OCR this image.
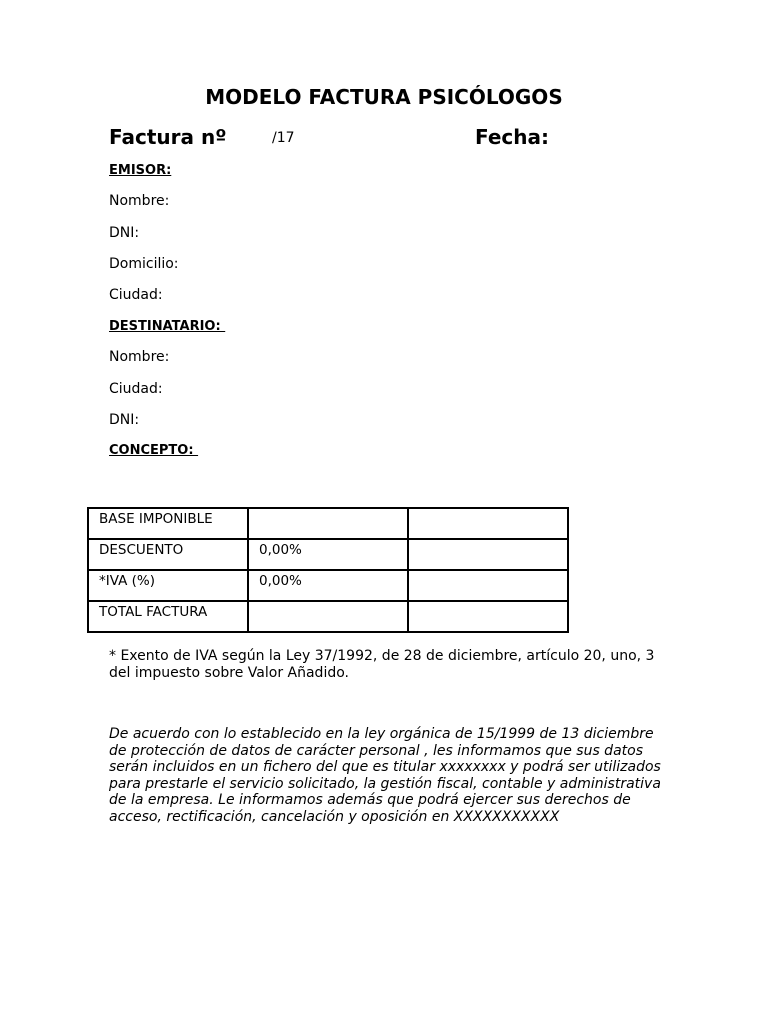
MODELO FACTURA PSICÓLOGOS
Factura nº	/17	Fecha:
EMISOR:
Nombre:
DNI:
Domicilio:
Ciudad:
DESTINATARIO:
Nombre:
Ciudad:
DNI:
CONCEPTO:
BASE IMPONIBLE		
DESCUENTO	0,00%	
*IVA (%)	0,00%	
TOTAL FACTURA		
* Exento de IVA según la Ley 37/1992, de 28 de diciembre, artículo 20, uno, 3 del impuesto sobre Valor Añadido.
De acuerdo con lo establecido en la ley orgánica de 15/1999 de 13 diciembre de protección de datos de carácter personal , les informamos que sus datos serán incluidos en un fichero del que es titular xxxxxxxx y podrá ser utilizados para prestarle el servicio solicitado, la gestión fiscal, contable y administrativa de la empresa. Le informamos además que podrá ejercer sus derechos de acceso, rectificación, cancelación y oposición en XXXXXXXXXXX
